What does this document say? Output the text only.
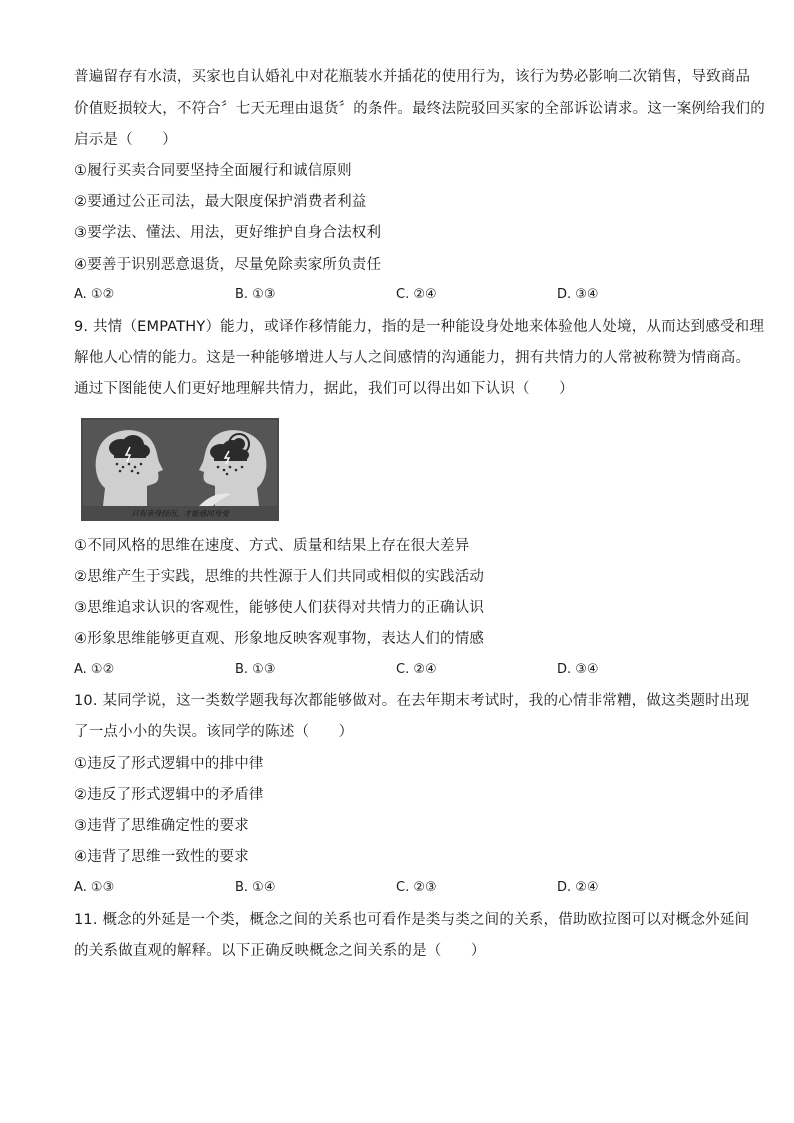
普遍留存有水渍，买家也自认婚礼中对花瓶装水并插花的使用行为，该行为势必影响二次销售，导致商品
价值贬损较大，不符合〞七天无理由退货〞的条件。最终法院驳回买家的全部诉讼请求。这一案例给我们的
启示是（　　）
①履行买卖合同要坚持全面履行和诚信原则
②要通过公正司法，最大限度保护消费者利益
③要学法、懂法、用法，更好维护自身合法权利
④要善于识别恶意退货，尽量免除卖家所负责任
A. ①②	B. ①③	C. ②④	D. ③④
9. 共情（EMPATHY）能力，或译作移情能力，指的是一种能设身处地来体验他人处境，从而达到感受和理
解他人心情的能力。这是一种能够增进人与人之间感情的沟通能力，拥有共情力的人常被称赞为情商高。
通过下图能使人们更好地理解共情力，据此，我们可以得出如下认识（　　）
只有亲身经历，才能感同身受
①不同风格的思维在速度、方式、质量和结果上存在很大差异
②思维产生于实践，思维的共性源于人们共同或相似的实践活动
③思维追求认识的客观性，能够使人们获得对共情力的正确认识
④形象思维能够更直观、形象地反映客观事物，表达人们的情感
A. ①②	B. ①③	C. ②④	D. ③④
10. 某同学说，这一类数学题我每次都能够做对。在去年期末考试时，我的心情非常糟，做这类题时出现
了一点小小的失误。该同学的陈述（　　）
①违反了形式逻辑中的排中律
②违反了形式逻辑中的矛盾律
③违背了思维确定性的要求
④违背了思维一致性的要求
A. ①③	B. ①④	C. ②③	D. ②④
11. 概念的外延是一个类，概念之间的关系也可看作是类与类之间的关系，借助欧拉图可以对概念外延间
的关系做直观的解释。以下正确反映概念之间关系的是（　　）
